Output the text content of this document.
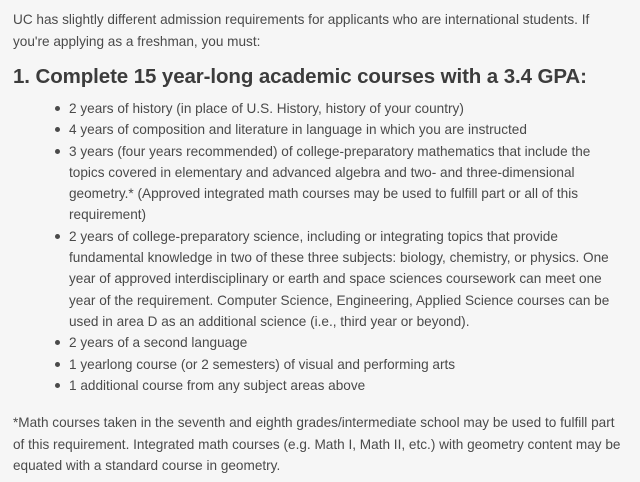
UC has slightly different admission requirements for applicants who are international students. If you're applying as a freshman, you must:

1. Complete 15 year-long academic courses with a 3.4 GPA:
2 years of history (in place of U.S. History, history of your country)
4 years of composition and literature in language in which you are instructed
3 years (four years recommended) of college-preparatory mathematics that include the topics covered in elementary and advanced algebra and two- and three-dimensional geometry.* (Approved integrated math courses may be used to fulfill part or all of this requirement)
2 years of college-preparatory science, including or integrating topics that provide fundamental knowledge in two of these three subjects: biology, chemistry, or physics. One year of approved interdisciplinary or earth and space sciences coursework can meet one year of the requirement. Computer Science, Engineering, Applied Science courses can be used in area D as an additional science (i.e., third year or beyond).
2 years of a second language
1 yearlong course (or 2 semesters) of visual and performing arts
1 additional course from any subject areas above

*Math courses taken in the seventh and eighth grades/intermediate school may be used to fulfill part of this requirement. Integrated math courses (e.g. Math I, Math II, etc.) with geometry content may be equated with a standard course in geometry.
